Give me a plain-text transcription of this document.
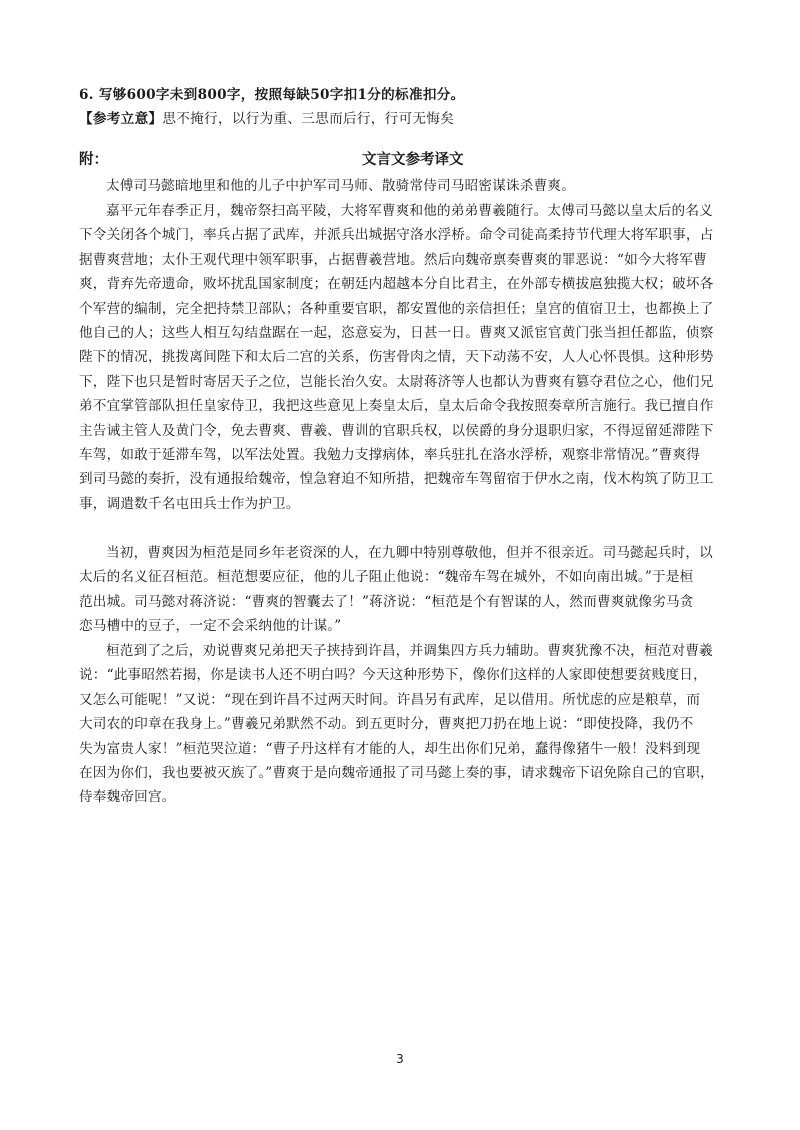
6. 写够600字未到800字，按照每缺50字扣1分的标准扣分。
【参考立意】思不掩行，以行为重、三思而后行，行可无悔矣
附：	文言文参考译文
太傅司马懿暗地里和他的儿子中护军司马师、散骑常侍司马昭密谋诛杀曹爽。
嘉平元年春季正月，魏帝祭扫高平陵，大将军曹爽和他的弟弟曹羲随行。太傅司马懿以皇太后的名义
下令关闭各个城门，率兵占据了武库，并派兵出城据守洛水浮桥。命令司徒高柔持节代理大将军职事，占
据曹爽营地；太仆王观代理中领军职事，占据曹羲营地。然后向魏帝禀奏曹爽的罪恶说：“如今大将军曹
爽，背弃先帝遗命，败坏扰乱国家制度；在朝廷内超越本分自比君主，在外部专横拔扈独揽大权；破坏各
个军营的编制，完全把持禁卫部队；各种重要官职，都安置他的亲信担任；皇宫的值宿卫士，也都换上了
他自己的人；这些人相互勾结盘踞在一起，恣意妄为，日甚一日。曹爽又派宦官黄门张当担任都监，侦察
陛下的情况，挑拨离间陛下和太后二宫的关系，伤害骨肉之情，天下动荡不安，人人心怀畏惧。这种形势
下，陛下也只是暂时寄居天子之位，岂能长治久安。太尉蒋济等人也都认为曹爽有篡夺君位之心，他们兄
弟不宜掌管部队担任皇家侍卫，我把这些意见上奏皇太后，皇太后命令我按照奏章所言施行。我已擅自作
主告诫主管人及黄门令，免去曹爽、曹羲、曹训的官职兵权，以侯爵的身分退职归家，不得逗留延滞陛下
车驾，如敢于延滞车驾，以军法处置。我勉力支撑病体，率兵驻扎在洛水浮桥，观察非常情况。”曹爽得
到司马懿的奏折，没有通报给魏帝，惶急窘迫不知所措，把魏帝车驾留宿于伊水之南，伐木构筑了防卫工
事，调遣数千名屯田兵士作为护卫。
当初，曹爽因为桓范是同乡年老资深的人，在九卿中特别尊敬他，但并不很亲近。司马懿起兵时，以
太后的名义征召桓范。桓范想要应征，他的儿子阻止他说：“魏帝车驾在城外，不如向南出城。”于是桓
范出城。司马懿对蒋济说：“曹爽的智囊去了！”蒋济说：“桓范是个有智谋的人，然而曹爽就像劣马贪
恋马槽中的豆子，一定不会采纳他的计谋。”
桓范到了之后，劝说曹爽兄弟把天子挟持到许昌，并调集四方兵力辅助。曹爽犹豫不决，桓范对曹羲
说：“此事昭然若揭，你是读书人还不明白吗？今天这种形势下，像你们这样的人家即使想要贫贱度日，
又怎么可能呢！”又说：“现在到许昌不过两天时间。许昌另有武库，足以借用。所忧虑的应是粮草，而
大司农的印章在我身上。”曹羲兄弟默然不动。到五更时分，曹爽把刀扔在地上说：“即使投降，我仍不
失为富贵人家！”桓范哭泣道：“曹子丹这样有才能的人，却生出你们兄弟，蠢得像猪牛一般！没料到现
在因为你们，我也要被灭族了。”曹爽于是向魏帝通报了司马懿上奏的事，请求魏帝下诏免除自己的官职，
侍奉魏帝回宫。
3
